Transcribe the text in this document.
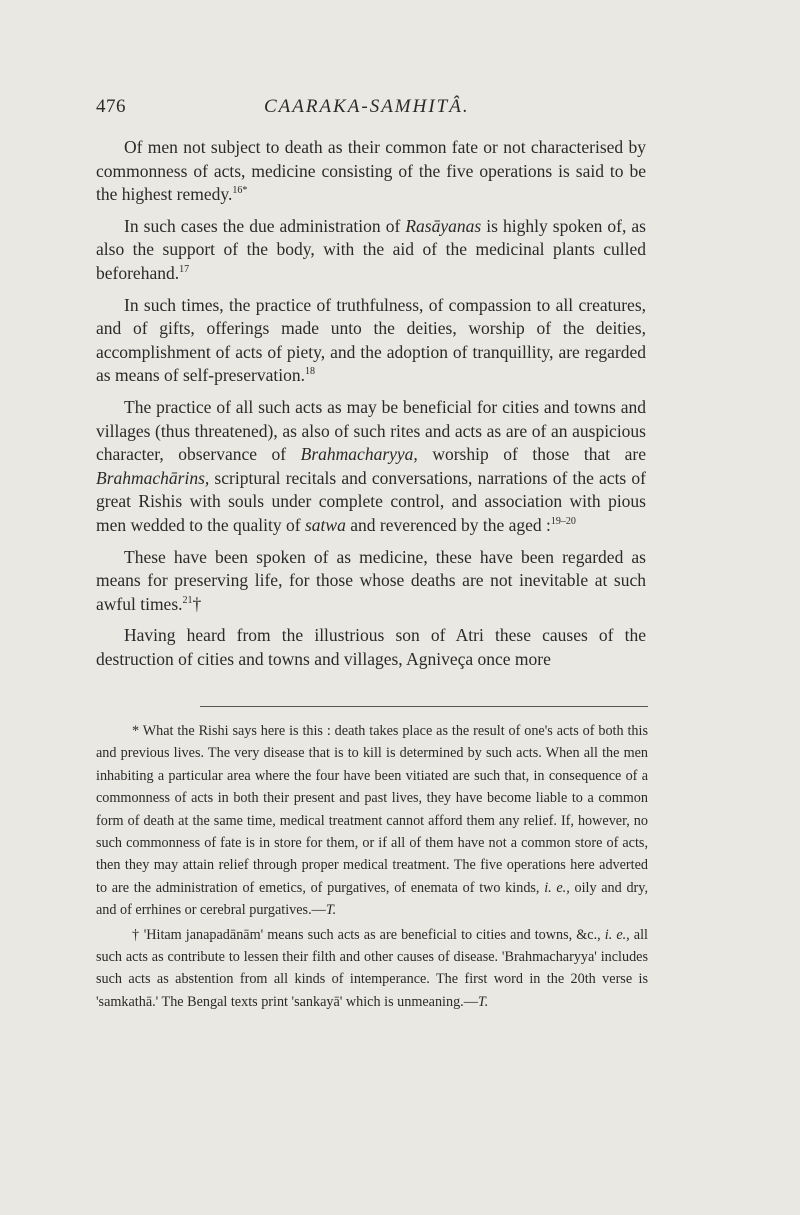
476	CAARAKA-SAMHITÂ.

Of men not subject to death as their common fate or not characterised by commonness of acts, medicine consisting of the five operations is said to be the highest remedy.$^{16*}$

In such cases the due administration of Rasāyanas is highly spoken of, as also the support of the body, with the aid of the medicinal plants culled beforehand.$^{17}$

In such times, the practice of truthfulness, of compassion to all creatures, and of gifts, offerings made unto the deities, worship of the deities, accomplishment of acts of piety, and the adoption of tranquillity, are regarded as means of self-preservation.$^{18}$

The practice of all such acts as may be beneficial for cities and towns and villages (thus threatened), as also of such rites and acts as are of an auspicious character, observance of Brahmacharyya, worship of those that are Brahmachārins, scriptural recitals and conversations, narrations of the acts of great Rishis with souls under complete control, and association with pious men wedded to the quality of satwa and reverenced by the aged :$^{19-20}$

These have been spoken of as medicine, these have been regarded as means for preserving life, for those whose deaths are not inevitable at such awful times.$^{21}$†

Having heard from the illustrious son of Atri these causes of the destruction of cities and towns and villages, Agniveça once more

* What the Rishi says here is this : death takes place as the result of one's acts of both this and previous lives. The very disease that is to kill is determined by such acts. When all the men inhabiting a particular area where the four have been vitiated are such that, in consequence of a commonness of acts in both their present and past lives, they have become liable to a common form of death at the same time, medical treatment cannot afford them any relief. If, however, no such commonness of fate is in store for them, or if all of them have not a common store of acts, then they may attain relief through proper medical treatment. The five operations here adverted to are the administration of emetics, of purgatives, of enemata of two kinds, i. e., oily and dry, and of errhines or cerebral purgatives.—T.

† 'Hitam janapadānām' means such acts as are beneficial to cities and towns, &c., i. e., all such acts as contribute to lessen their filth and other causes of disease. 'Brahmacharyya' includes such acts as abstention from all kinds of intemperance. The first word in the 20th verse is 'samkathā.' The Bengal texts print 'sankayā' which is unmeaning.—T.
